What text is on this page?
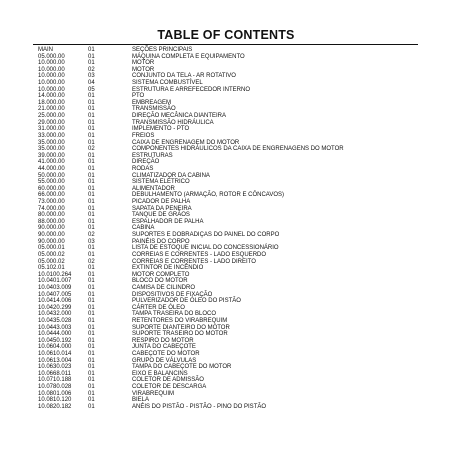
TABLE OF CONTENTS
MAIN	01	SEÇÕES PRINCIPAIS
05.000.00	01	MÁQUINA COMPLETA E EQUIPAMENTO
10.000.00	01	MOTOR
10.000.00	02	MOTOR
10.000.00	03	CONJUNTO DA TELA - AR ROTATIVO
10.000.00	04	SISTEMA COMBUSTÍVEL
10.000.00	05	ESTRUTURA E ARREFECEDOR INTERNO
14.000.00	01	PTO
18.000.00	01	EMBREAGEM
21.000.00	01	TRANSMISSÃO
25.000.00	01	DIREÇÃO MECÂNICA DIANTEIRA
29.000.00	01	TRANSMISSÃO HIDRÁULICA
31.000.00	01	IMPLEMENTO - PTO
33.000.00	01	FREIOS
35.000.00	01	CAIXA DE ENGRENAGEM DO MOTOR
35.000.00	02	COMPONENTES HIDRÁULICOS DA CAIXA DE ENGRENAGENS DO MOTOR
39.000.00	01	ESTRUTURAS
41.000.00	01	DIREÇÃO
44.000.00	01	RODAS
50.000.00	01	CLIMATIZADOR DA CABINA
55.000.00	01	SISTEMA ELÉTRICO
60.000.00	01	ALIMENTADOR
66.000.00	01	DEBULHAMENTO (ARMAÇÃO, ROTOR E CÔNCAVOS)
73.000.00	01	PICADOR DE PALHA
74.000.00	01	SAPATA DA PENEIRA
80.000.00	01	TANQUE DE GRÃOS
88.000.00	01	ESPALHADOR DE PALHA
90.000.00	01	CABINA
90.000.00	02	SUPORTES E DOBRADIÇAS DO PAINEL DO CORPO
90.000.00	03	PAINÉIS DO CORPO
05.000.01	01	LISTA DE ESTOQUE INICIAL DO CONCESSIONÁRIO
05.000.02	01	CORREIAS E CORRENTES - LADO ESQUERDO
05.000.02	02	CORREIAS E CORRENTES - LADO DIREITO
05.102.01	01	EXTINTOR DE INCÊNDIO
10.0100.264	01	MOTOR COMPLETO
10.0401.007	01	BLOCO DO MOTOR
10.0403.009	01	CAMISA DE CILINDRO
10.0407.005	01	DISPOSITIVOS DE FIXAÇÃO
10.0414.006	01	PULVERIZADOR DE ÓLEO DO PISTÃO
10.0420.299	01	CÁRTER DE ÓLEO
10.0432.000	01	TAMPA TRASEIRA DO BLOCO
10.0435.028	01	RETENTORES DO VIRABREQUIM
10.0443.003	01	SUPORTE DIANTEIRO DO MOTOR
10.0444.000	01	SUPORTE TRASEIRO DO MOTOR
10.0450.192	01	RESPIRO DO MOTOR
10.0604.000	01	JUNTA DO CABEÇOTE
10.0610.014	01	CABEÇOTE DO MOTOR
10.0613.004	01	GRUPO DE VÁLVULAS
10.0630.023	01	TAMPA DO CABEÇOTE DO MOTOR
10.0668.011	01	EIXO E BALANCINS
10.0710.188	01	COLETOR DE ADMISSÃO
10.0780.028	01	COLETOR DE DESCARGA
10.0801.006	01	VIRABREQUIM
10.0810.120	01	BIELA
10.0820.182	01	ANÉIS DO PISTÃO - PISTÃO - PINO DO PISTÃO
